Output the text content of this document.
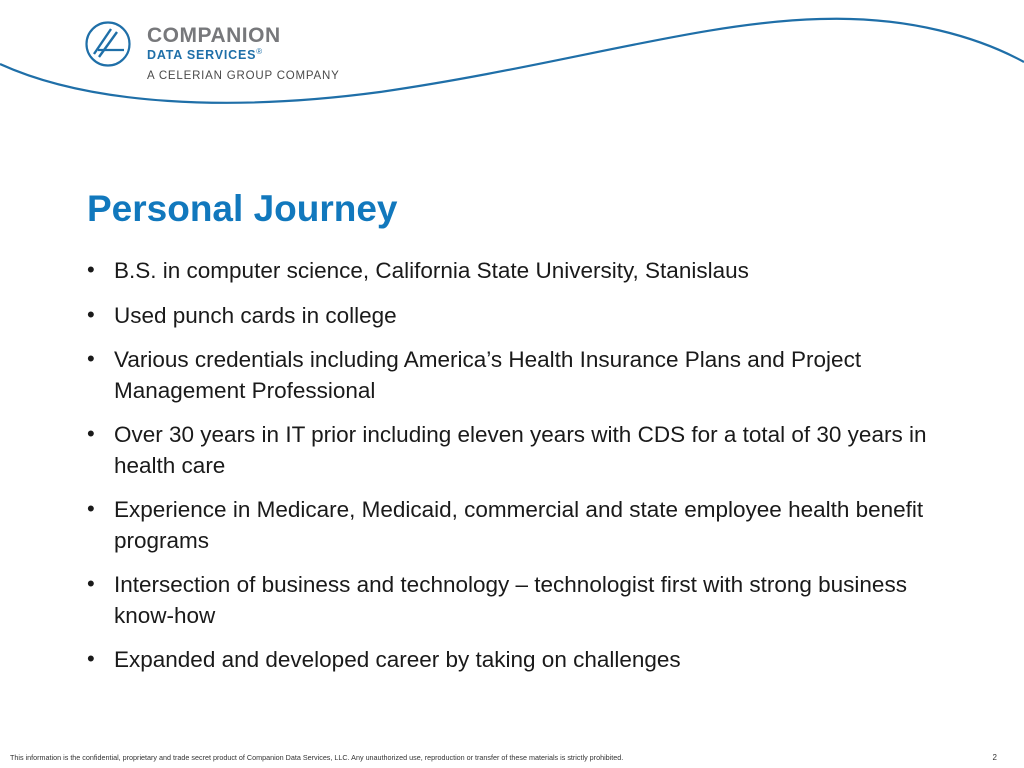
COMPANION
DATA SERVICES®
A CELERIAN GROUP COMPANY
Personal Journey
• B.S. in computer science, California State University, Stanislaus
• Used punch cards in college
• Various credentials including America’s Health Insurance Plans and Project Management Professional
• Over 30 years in IT prior including eleven years with CDS for a total of 30 years in health care
• Experience in Medicare, Medicaid, commercial and state employee health benefit programs
• Intersection of business and technology – technologist first with strong business know-how
• Expanded and developed career by taking on challenges
This information is the confidential, proprietary and trade secret product of Companion Data Services, LLC. Any unauthorized use, reproduction or transfer of these materials is strictly prohibited.	2
